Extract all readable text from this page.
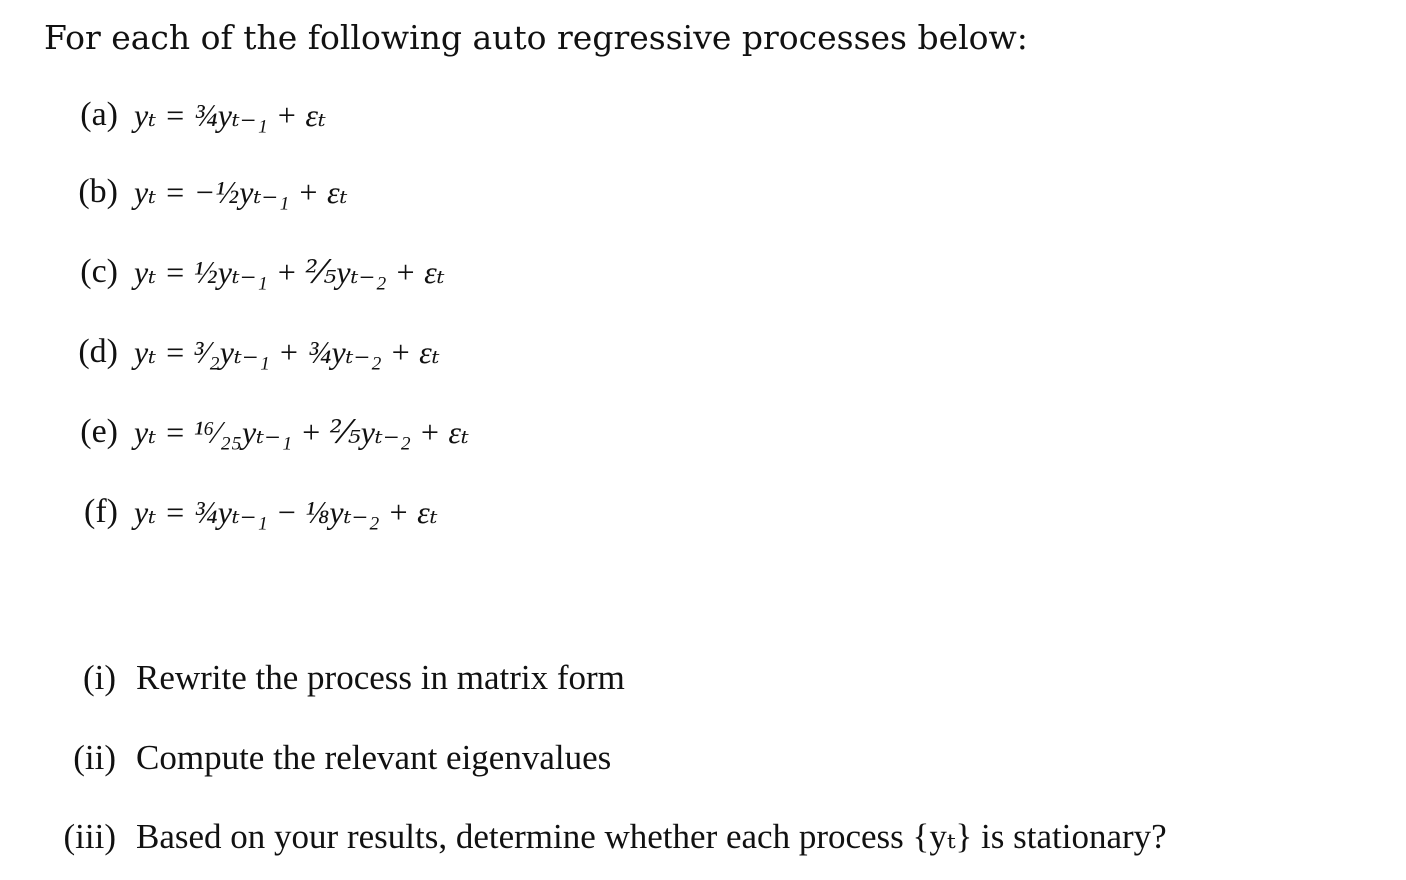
For each of the following auto regressive processes below:
(a) yₜ = ¾yₜ₋₁ + εₜ
(b) yₜ = −½yₜ₋₁ + εₜ
(c) yₜ = ½yₜ₋₁ + ⅖yₜ₋₂ + εₜ
(d) yₜ = ³⁄₂yₜ₋₁ + ¾yₜ₋₂ + εₜ
(e) yₜ = ¹⁶⁄₂₅yₜ₋₁ + ⅖yₜ₋₂ + εₜ
(f) yₜ = ¾yₜ₋₁ − ⅛yₜ₋₂ + εₜ
(i) Rewrite the process in matrix form
(ii) Compute the relevant eigenvalues
(iii) Based on your results, determine whether each process {yₜ} is stationary?
